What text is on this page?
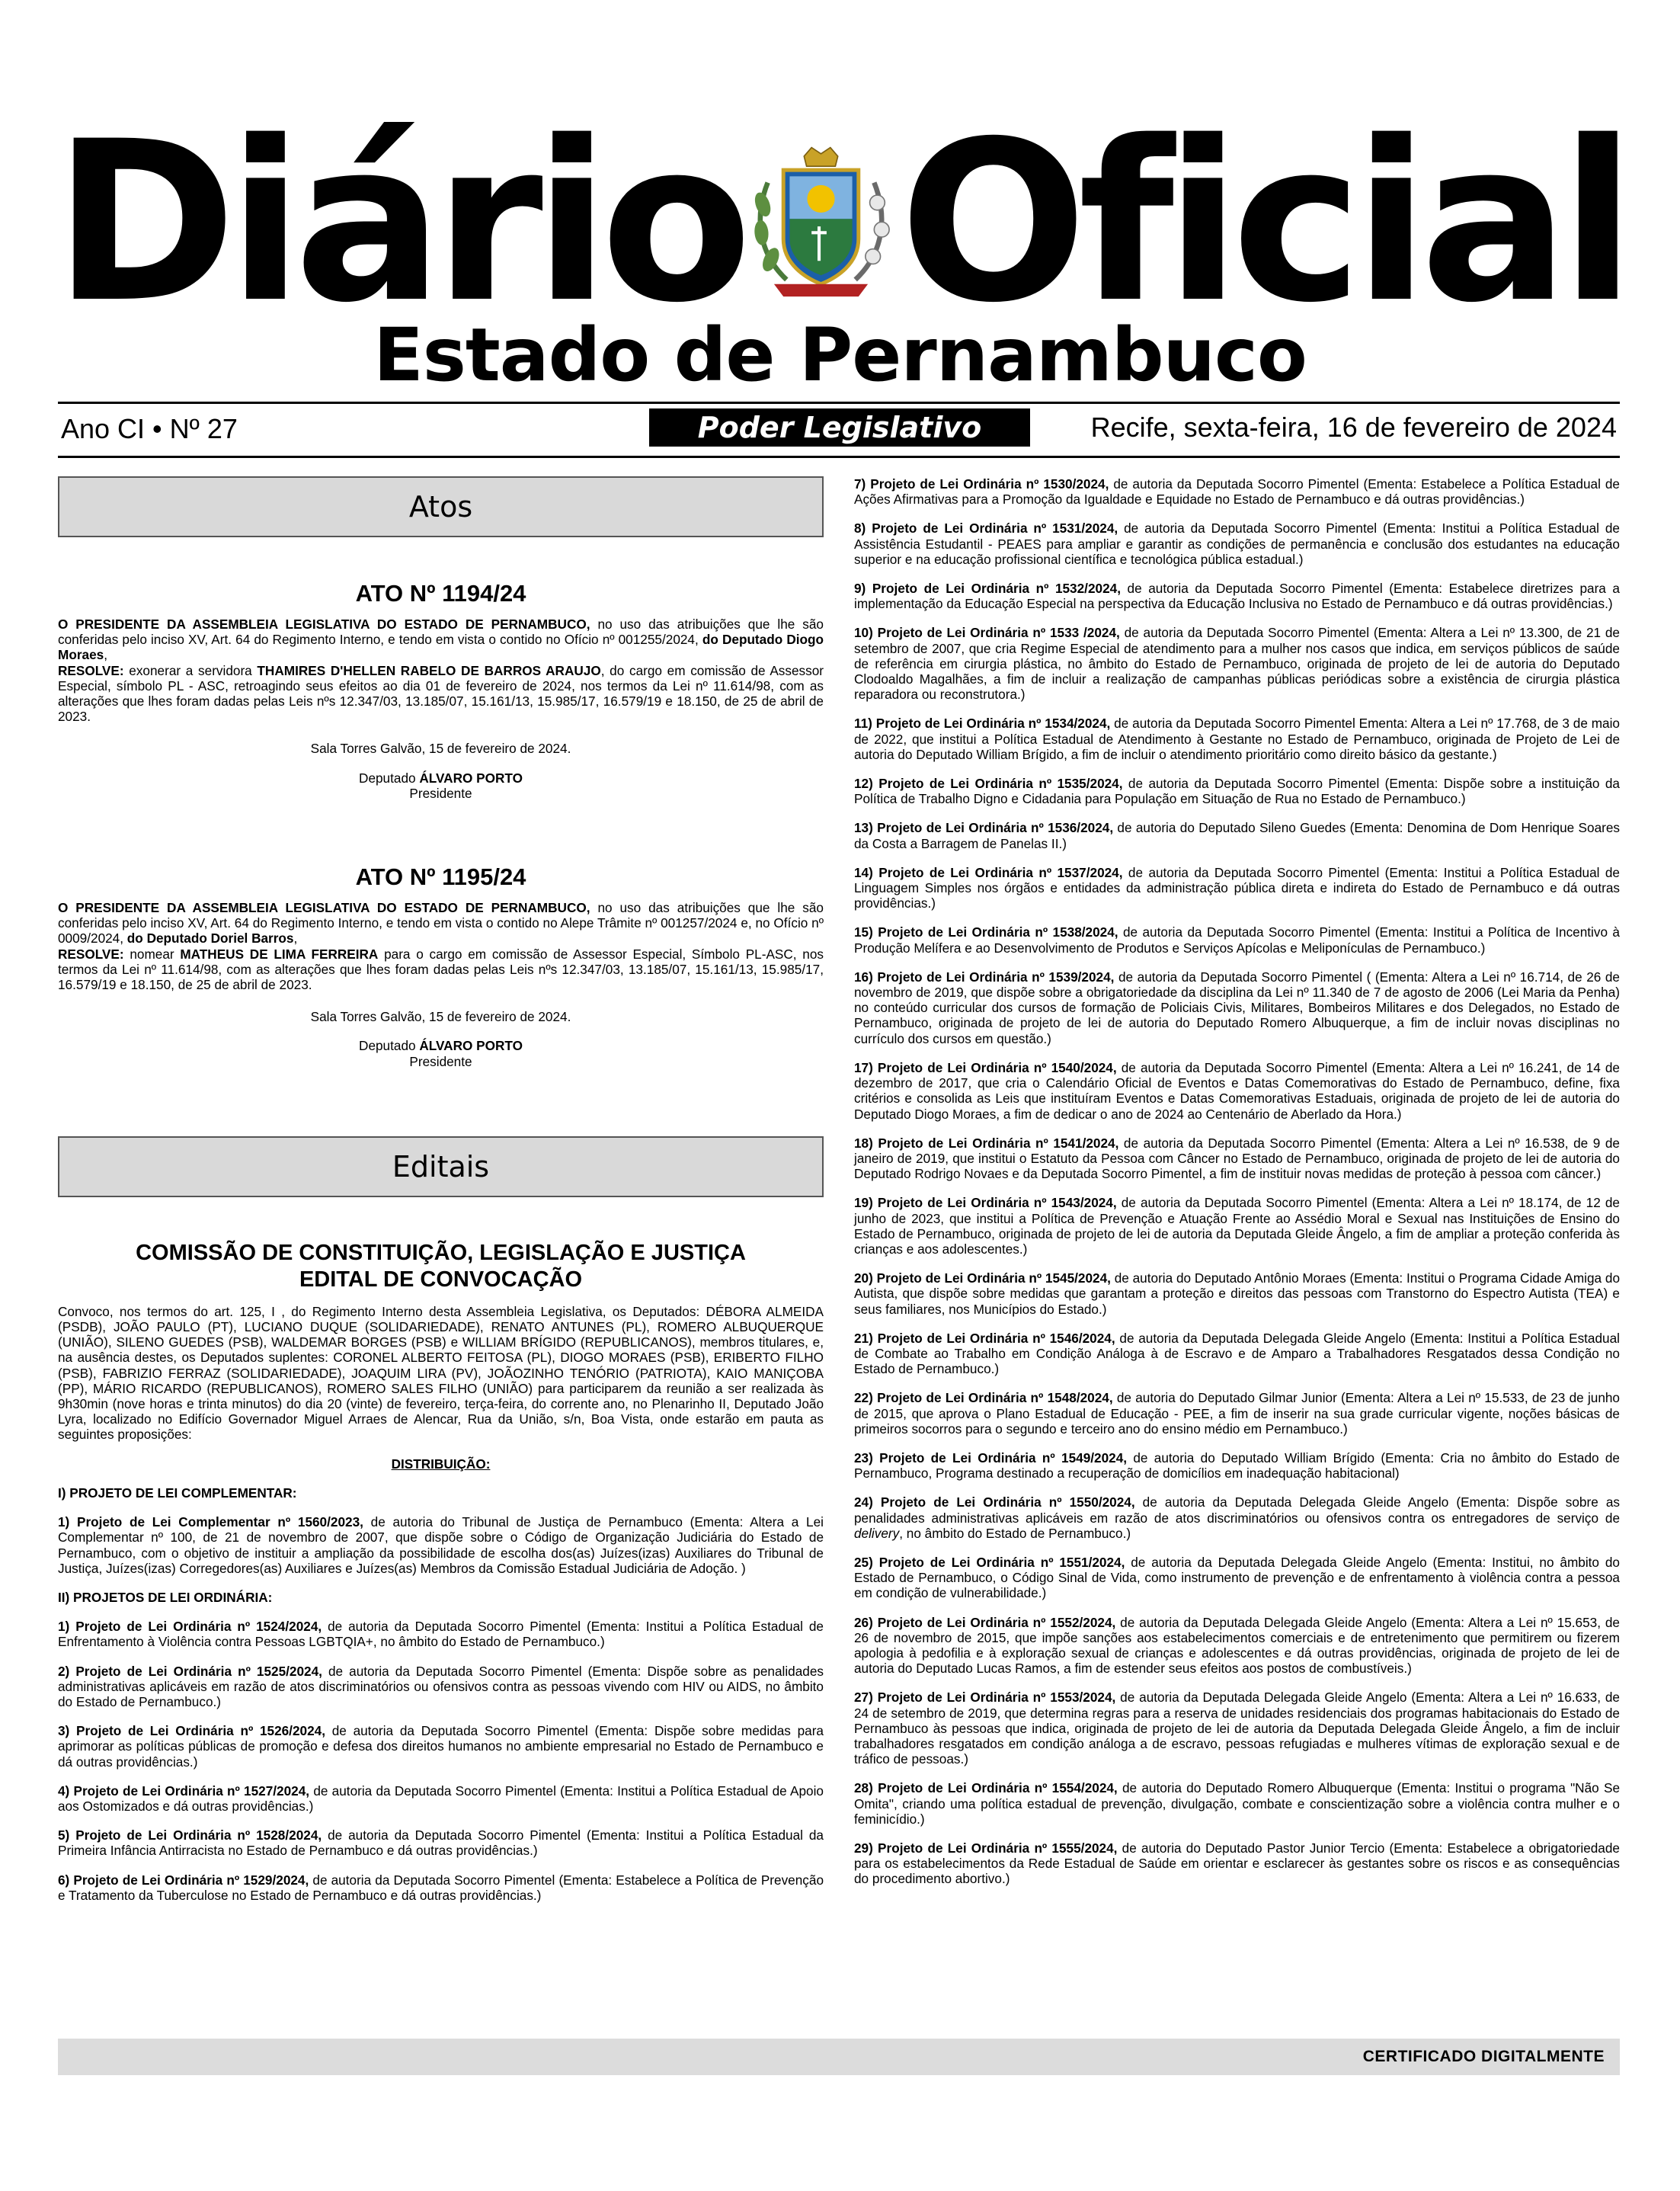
Diário Oficial
Estado de Pernambuco
Ano CI • Nº 27	Poder Legislativo	Recife, sexta-feira, 16 de fevereiro de 2024
Atos
ATO Nº 1194/24

O PRESIDENTE DA ASSEMBLEIA LEGISLATIVA DO ESTADO DE PERNAMBUCO, no uso das atribuições que lhe são conferidas pelo inciso XV, Art. 64 do Regimento Interno, e tendo em vista o contido no Ofício nº 001255/2024, do Deputado Diogo Moraes,
RESOLVE: exonerar a servidora THAMIRES D'HELLEN RABELO DE BARROS ARAUJO, do cargo em comissão de Assessor Especial, símbolo PL - ASC, retroagindo seus efeitos ao dia 01 de fevereiro de 2024, nos termos da Lei nº 11.614/98, com as alterações que lhes foram dadas pelas Leis nºs 12.347/03, 13.185/07, 15.161/13, 15.985/17, 16.579/19 e 18.150, de 25 de abril de 2023.

Sala Torres Galvão, 15 de fevereiro de 2024.

Deputado ÁLVARO PORTO
Presidente

ATO Nº 1195/24

O PRESIDENTE DA ASSEMBLEIA LEGISLATIVA DO ESTADO DE PERNAMBUCO, no uso das atribuições que lhe são conferidas pelo inciso XV, Art. 64 do Regimento Interno, e tendo em vista o contido no Alepe Trâmite nº 001257/2024 e, no Ofício nº 0009/2024, do Deputado Doriel Barros,
RESOLVE: nomear MATHEUS DE LIMA FERREIRA para o cargo em comissão de Assessor Especial, Símbolo PL-ASC, nos termos da Lei nº 11.614/98, com as alterações que lhes foram dadas pelas Leis nºs 12.347/03, 13.185/07, 15.161/13, 15.985/17, 16.579/19 e 18.150, de 25 de abril de 2023.

Sala Torres Galvão, 15 de fevereiro de 2024.

Deputado ÁLVARO PORTO
Presidente

Editais
COMISSÃO DE CONSTITUIÇÃO, LEGISLAÇÃO E JUSTIÇA
EDITAL DE CONVOCAÇÃO

Convoco, nos termos do art. 125, I , do Regimento Interno desta Assembleia Legislativa, os Deputados: DÉBORA ALMEIDA (PSDB), JOÃO PAULO (PT), LUCIANO DUQUE (SOLIDARIEDADE), RENATO ANTUNES (PL), ROMERO ALBUQUERQUE (UNIÃO), SILENO GUEDES (PSB), WALDEMAR BORGES (PSB) e WILLIAM BRÍGIDO (REPUBLICANOS), membros titulares, e, na ausência destes, os Deputados suplentes: CORONEL ALBERTO FEITOSA (PL), DIOGO MORAES (PSB), ERIBERTO FILHO (PSB), FABRIZIO FERRAZ (SOLIDARIEDADE), JOAQUIM LIRA (PV), JOÃOZINHO TENÓRIO (PATRIOTA), KAIO MANIÇOBA (PP), MÁRIO RICARDO (REPUBLICANOS), ROMERO SALES FILHO (UNIÃO) para participarem da reunião a ser realizada às 9h30min (nove horas e trinta minutos) do dia 20 (vinte) de fevereiro, terça-feira, do corrente ano, no Plenarinho II, Deputado João Lyra, localizado no Edifício Governador Miguel Arraes de Alencar, Rua da União, s/n, Boa Vista, onde estarão em pauta as seguintes proposições:

DISTRIBUIÇÃO:

I) PROJETO DE LEI COMPLEMENTAR:

1) Projeto de Lei Complementar nº 1560/2023, de autoria do Tribunal de Justiça de Pernambuco (Ementa: Altera a Lei Complementar nº 100, de 21 de novembro de 2007, que dispõe sobre o Código de Organização Judiciária do Estado de Pernambuco, com o objetivo de instituir a ampliação da possibilidade de escolha dos(as) Juízes(izas) Auxiliares do Tribunal de Justiça, Juízes(izas) Corregedores(as) Auxiliares e Juízes(as) Membros da Comissão Estadual Judiciária de Adoção. )

II) PROJETOS DE LEI ORDINÁRIA:

1) Projeto de Lei Ordinária nº 1524/2024, de autoria da Deputada Socorro Pimentel (Ementa: Institui a Política Estadual de Enfrentamento à Violência contra Pessoas LGBTQIA+, no âmbito do Estado de Pernambuco.)

2) Projeto de Lei Ordinária nº 1525/2024, de autoria da Deputada Socorro Pimentel (Ementa: Dispõe sobre as penalidades administrativas aplicáveis em razão de atos discriminatórios ou ofensivos contra as pessoas vivendo com HIV ou AIDS, no âmbito do Estado de Pernambuco.)

3) Projeto de Lei Ordinária nº 1526/2024, de autoria da Deputada Socorro Pimentel (Ementa: Dispõe sobre medidas para aprimorar as políticas públicas de promoção e defesa dos direitos humanos no ambiente empresarial no Estado de Pernambuco e dá outras providências.)

4) Projeto de Lei Ordinária nº 1527/2024, de autoria da Deputada Socorro Pimentel (Ementa: Institui a Política Estadual de Apoio aos Ostomizados e dá outras providências.)

5) Projeto de Lei Ordinária nº 1528/2024, de autoria da Deputada Socorro Pimentel (Ementa: Institui a Política Estadual da Primeira Infância Antirracista no Estado de Pernambuco e dá outras providências.)

6) Projeto de Lei Ordinária nº 1529/2024, de autoria da Deputada Socorro Pimentel (Ementa: Estabelece a Política de Prevenção e Tratamento da Tuberculose no Estado de Pernambuco e dá outras providências.)

7) Projeto de Lei Ordinária nº 1530/2024, de autoria da Deputada Socorro Pimentel (Ementa: Estabelece a Política Estadual de Ações Afirmativas para a Promoção da Igualdade e Equidade no Estado de Pernambuco e dá outras providências.)

8) Projeto de Lei Ordinária nº 1531/2024, de autoria da Deputada Socorro Pimentel (Ementa: Institui a Política Estadual de Assistência Estudantil - PEAES para ampliar e garantir as condições de permanência e conclusão dos estudantes na educação superior e na educação profissional científica e tecnológica pública estadual.)

9) Projeto de Lei Ordinária nº 1532/2024, de autoria da Deputada Socorro Pimentel (Ementa: Estabelece diretrizes para a implementação da Educação Especial na perspectiva da Educação Inclusiva no Estado de Pernambuco e dá outras providências.)

10) Projeto de Lei Ordinária nº 1533 /2024, de autoria da Deputada Socorro Pimentel (Ementa: Altera a Lei nº 13.300, de 21 de setembro de 2007, que cria Regime Especial de atendimento para a mulher nos casos que indica, em serviços públicos de saúde de referência em cirurgia plástica, no âmbito do Estado de Pernambuco, originada de projeto de lei de autoria do Deputado Clodoaldo Magalhães, a fim de incluir a realização de campanhas públicas periódicas sobre a existência de cirurgia plástica reparadora ou reconstrutora.)

11) Projeto de Lei Ordinária nº 1534/2024, de autoria da Deputada Socorro Pimentel Ementa: Altera a Lei nº 17.768, de 3 de maio de 2022, que institui a Política Estadual de Atendimento à Gestante no Estado de Pernambuco, originada de Projeto de Lei de autoria do Deputado William Brígido, a fim de incluir o atendimento prioritário como direito básico da gestante.)

12) Projeto de Lei Ordinária nº 1535/2024, de autoria da Deputada Socorro Pimentel (Ementa: Dispõe sobre a instituição da Política de Trabalho Digno e Cidadania para População em Situação de Rua no Estado de Pernambuco.)

13) Projeto de Lei Ordinária nº 1536/2024, de autoria do Deputado Sileno Guedes (Ementa: Denomina de Dom Henrique Soares da Costa a Barragem de Panelas II.)

14) Projeto de Lei Ordinária nº 1537/2024, de autoria da Deputada Socorro Pimentel (Ementa: Institui a Política Estadual de Linguagem Simples nos órgãos e entidades da administração pública direta e indireta do Estado de Pernambuco e dá outras providências.)

15) Projeto de Lei Ordinária nº 1538/2024, de autoria da Deputada Socorro Pimentel (Ementa: Institui a Política de Incentivo à Produção Melífera e ao Desenvolvimento de Produtos e Serviços Apícolas e Meliponículas de Pernambuco.)

16) Projeto de Lei Ordinária nº 1539/2024, de autoria da Deputada Socorro Pimentel ( (Ementa: Altera a Lei nº 16.714, de 26 de novembro de 2019, que dispõe sobre a obrigatoriedade da disciplina da Lei nº 11.340 de 7 de agosto de 2006 (Lei Maria da Penha) no conteúdo curricular dos cursos de formação de Policiais Civis, Militares, Bombeiros Militares e dos Delegados, no Estado de Pernambuco, originada de projeto de lei de autoria do Deputado Romero Albuquerque, a fim de incluir novas disciplinas no currículo dos cursos em questão.)

17) Projeto de Lei Ordinária nº 1540/2024, de autoria da Deputada Socorro Pimentel (Ementa: Altera a Lei nº 16.241, de 14 de dezembro de 2017, que cria o Calendário Oficial de Eventos e Datas Comemorativas do Estado de Pernambuco, define, fixa critérios e consolida as Leis que instituíram Eventos e Datas Comemorativas Estaduais, originada de projeto de lei de autoria do Deputado Diogo Moraes, a fim de dedicar o ano de 2024 ao Centenário de Aberlado da Hora.)

18) Projeto de Lei Ordinária nº 1541/2024, de autoria da Deputada Socorro Pimentel (Ementa: Altera a Lei nº 16.538, de 9 de janeiro de 2019, que institui o Estatuto da Pessoa com Câncer no Estado de Pernambuco, originada de projeto de lei de autoria do Deputado Rodrigo Novaes e da Deputada Socorro Pimentel, a fim de instituir novas medidas de proteção à pessoa com câncer.)

19) Projeto de Lei Ordinária nº 1543/2024, de autoria da Deputada Socorro Pimentel (Ementa: Altera a Lei nº 18.174, de 12 de junho de 2023, que institui a Política de Prevenção e Atuação Frente ao Assédio Moral e Sexual nas Instituições de Ensino do Estado de Pernambuco, originada de projeto de lei de autoria da Deputada Gleide Ângelo, a fim de ampliar a proteção conferida às crianças e aos adolescentes.)

20) Projeto de Lei Ordinária nº 1545/2024, de autoria do Deputado Antônio Moraes (Ementa: Institui o Programa Cidade Amiga do Autista, que dispõe sobre medidas que garantam a proteção e direitos das pessoas com Transtorno do Espectro Autista (TEA) e seus familiares, nos Municípios do Estado.)

21) Projeto de Lei Ordinária nº 1546/2024, de autoria da Deputada Delegada Gleide Angelo (Ementa: Institui a Política Estadual de Combate ao Trabalho em Condição Análoga à de Escravo e de Amparo a Trabalhadores Resgatados dessa Condição no Estado de Pernambuco.)

22) Projeto de Lei Ordinária nº 1548/2024, de autoria do Deputado Gilmar Junior (Ementa: Altera a Lei nº 15.533, de 23 de junho de 2015, que aprova o Plano Estadual de Educação - PEE, a fim de inserir na sua grade curricular vigente, noções básicas de primeiros socorros para o segundo e terceiro ano do ensino médio em Pernambuco.)

23) Projeto de Lei Ordinária nº 1549/2024, de autoria do Deputado William Brígido (Ementa: Cria no âmbito do Estado de Pernambuco, Programa destinado a recuperação de domicílios em inadequação habitacional)

24) Projeto de Lei Ordinária nº 1550/2024, de autoria da Deputada Delegada Gleide Angelo (Ementa: Dispõe sobre as penalidades administrativas aplicáveis em razão de atos discriminatórios ou ofensivos contra os entregadores de serviço de delivery, no âmbito do Estado de Pernambuco.)

25) Projeto de Lei Ordinária nº 1551/2024, de autoria da Deputada Delegada Gleide Angelo (Ementa: Institui, no âmbito do Estado de Pernambuco, o Código Sinal de Vida, como instrumento de prevenção e de enfrentamento à violência contra a pessoa em condição de vulnerabilidade.)

26) Projeto de Lei Ordinária nº 1552/2024, de autoria da Deputada Delegada Gleide Angelo (Ementa: Altera a Lei nº 15.653, de 26 de novembro de 2015, que impõe sanções aos estabelecimentos comerciais e de entretenimento que permitirem ou fizerem apologia à pedofilia e à exploração sexual de crianças e adolescentes e dá outras providências, originada de projeto de lei de autoria do Deputado Lucas Ramos, a fim de estender seus efeitos aos postos de combustíveis.)

27) Projeto de Lei Ordinária nº 1553/2024, de autoria da Deputada Delegada Gleide Angelo (Ementa: Altera a Lei nº 16.633, de 24 de setembro de 2019, que determina regras para a reserva de unidades residenciais dos programas habitacionais do Estado de Pernambuco às pessoas que indica, originada de projeto de lei de autoria da Deputada Delegada Gleide Ângelo, a fim de incluir trabalhadores resgatados em condição análoga a de escravo, pessoas refugiadas e mulheres vítimas de exploração sexual e de tráfico de pessoas.)

28) Projeto de Lei Ordinária nº 1554/2024, de autoria do Deputado Romero Albuquerque (Ementa: Institui o programa "Não Se Omita", criando uma política estadual de prevenção, divulgação, combate e conscientização sobre a violência contra mulher e o feminicídio.)

29) Projeto de Lei Ordinária nº 1555/2024, de autoria do Deputado Pastor Junior Tercio (Ementa: Estabelece a obrigatoriedade para os estabelecimentos da Rede Estadual de Saúde em orientar e esclarecer às gestantes sobre os riscos e as consequências do procedimento abortivo.)

CERTIFICADO DIGITALMENTE
